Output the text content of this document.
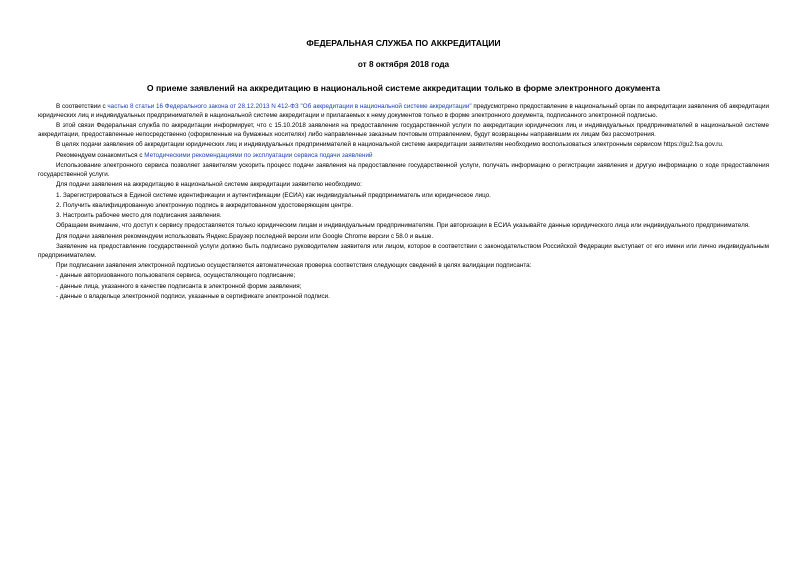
ФЕДЕРАЛЬНАЯ СЛУЖБА ПО АККРЕДИТАЦИИ
от 8 октября 2018 года
О приеме заявлений на аккредитацию в национальной системе аккредитации только в форме электронного документа

В соответствии с частью 8 статьи 16 Федерального закона от 28.12.2013 N 412-ФЗ "Об аккредитации в национальной системе аккредитации" предусмотрено предоставление в национальный орган по аккредитации заявления об аккредитации юридических лиц и индивидуальных предпринимателей в национальной системе аккредитации и прилагаемых к нему документов только в форме электронного документа, подписанного электронной подписью.

В этой связи Федеральная служба по аккредитации информирует, что с 15.10.2018 заявления на предоставление государственной услуги по аккредитации юридических лиц и индивидуальных предпринимателей в национальной системе аккредитации, предоставленные непосредственно (оформленные на бумажных носителях) либо направленные заказным почтовым отправлением, будут возвращены направившим их лицам без рассмотрения.

В целях подачи заявления об аккредитации юридических лиц и индивидуальных предпринимателей в национальной системе аккредитации заявителям необходимо воспользоваться электронным сервисом https://gu2.fsa.gov.ru.

Рекомендуем ознакомиться с Методическими рекомендациями по эксплуатации сервиса подачи заявлений

Использование электронного сервиса позволяет заявителям ускорить процесс подачи заявления на предоставление государственной услуги, получать информацию о регистрации заявления и другую информацию о ходе предоставления государственной услуги.

Для подачи заявления на аккредитацию в национальной системе аккредитации заявителю необходимо:

1. Зарегистрироваться в Единой системе идентификации и аутентификации (ЕСИА) как индивидуальный предприниматель или юридическое лицо.

2. Получить квалифицированную электронную подпись в аккредитованном удостоверяющем центре.

3. Настроить рабочее место для подписания заявления.

Обращаем внимание, что доступ к сервису предоставляется только юридическим лицам и индивидуальным предпринимателям. При авторизации в ЕСИА указывайте данные юридического лица или индивидуального предпринимателя.

Для подачи заявления рекомендуем использовать Яндекс.Браузер последней версии или Google Chrome версии с 58.0 и выше.

Заявление на предоставление государственной услуги должно быть подписано руководителем заявителя или лицом, которое в соответствии с законодательством Российской Федерации выступает от его имени или лично индивидуальным предпринимателем.

При подписании заявления электронной подписью осуществляется автоматическая проверка соответствия следующих сведений в целях валидации подписанта:

- данные авторизованного пользователя сервиса, осуществляющего подписание;

- данные лица, указанного в качестве подписанта в электронной форме заявления;

- данные о владельце электронной подписи, указанные в сертификате электронной подписи.
